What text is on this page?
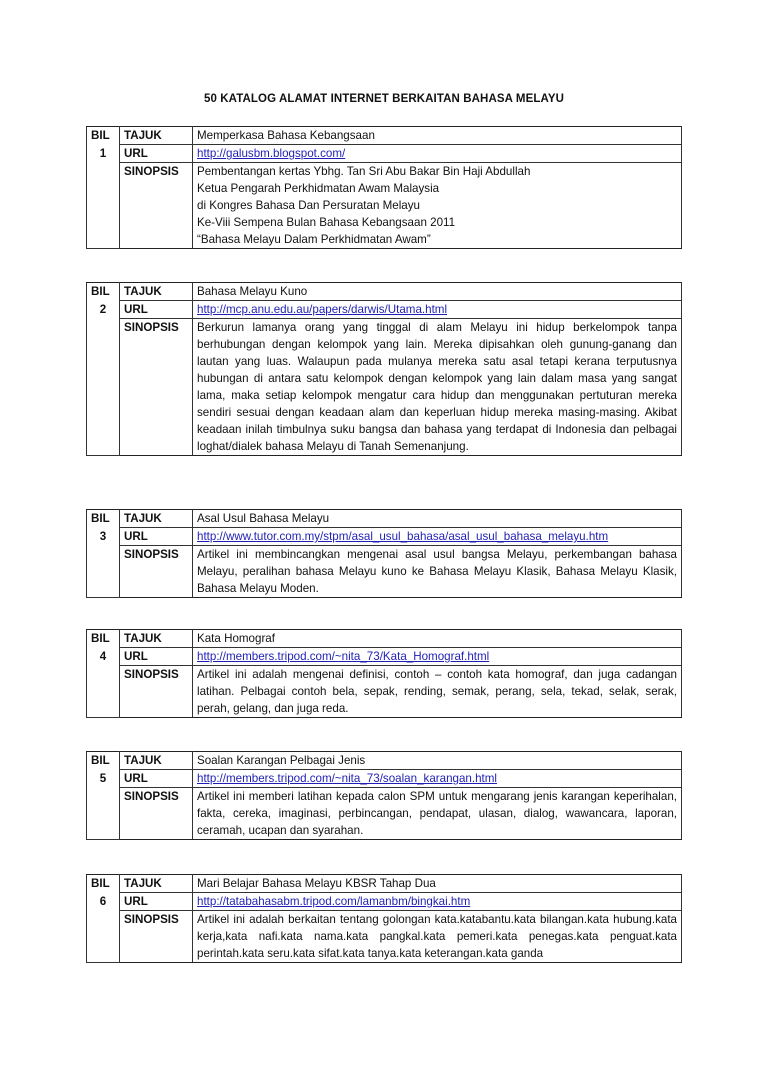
50 KATALOG ALAMAT INTERNET BERKAITAN BAHASA MELAYU
BIL	TAJUK	Memperkasa Bahasa Kebangsaan
1	URL	http://galusbm.blogspot.com/
	SINOPSIS	Pembentangan kertas Ybhg. Tan Sri Abu Bakar Bin Haji Abdullah
Ketua Pengarah Perkhidmatan Awam Malaysia
di Kongres Bahasa Dan Persuratan Melayu
Ke-Viii Sempena Bulan Bahasa Kebangsaan 2011
“Bahasa Melayu Dalam Perkhidmatan Awam”
BIL	TAJUK	Bahasa Melayu Kuno
2	URL	http://mcp.anu.edu.au/papers/darwis/Utama.html
	SINOPSIS	Berkurun lamanya orang yang tinggal di alam Melayu ini hidup berkelompok tanpa berhubungan dengan kelompok yang lain. Mereka dipisahkan oleh gunung-ganang dan lautan yang luas. Walaupun pada mulanya mereka satu asal tetapi kerana terputusnya hubungan di antara satu kelompok dengan kelompok yang lain dalam masa yang sangat lama, maka setiap kelompok mengatur cara hidup dan menggunakan pertuturan mereka sendiri sesuai dengan keadaan alam dan keperluan hidup mereka masing-masing. Akibat keadaan inilah timbulnya suku bangsa dan bahasa yang terdapat di Indonesia dan pelbagai loghat/dialek bahasa Melayu di Tanah Semenanjung.
BIL	TAJUK	Asal Usul Bahasa Melayu
3	URL	http://www.tutor.com.my/stpm/asal_usul_bahasa/asal_usul_bahasa_melayu.htm
	SINOPSIS	Artikel ini membincangkan mengenai asal usul bangsa Melayu, perkembangan bahasa Melayu, peralihan bahasa Melayu kuno ke Bahasa Melayu Klasik, Bahasa Melayu Klasik, Bahasa Melayu Moden.
BIL	TAJUK	Kata Homograf
4	URL	http://members.tripod.com/~nita_73/Kata_Homograf.html
	SINOPSIS	Artikel ini adalah mengenai definisi, contoh – contoh kata homograf, dan juga cadangan latihan. Pelbagai contoh bela, sepak, rending, semak, perang, sela, tekad, selak, serak, perah, gelang, dan juga reda.
BIL	TAJUK	Soalan Karangan Pelbagai Jenis
5	URL	http://members.tripod.com/~nita_73/soalan_karangan.html
	SINOPSIS	Artikel ini memberi latihan kepada calon SPM untuk mengarang jenis karangan keperihalan, fakta, cereka, imaginasi, perbincangan, pendapat, ulasan, dialog, wawancara, laporan, ceramah, ucapan dan syarahan.
BIL	TAJUK	Mari Belajar Bahasa Melayu KBSR Tahap Dua
6	URL	http://tatabahasabm.tripod.com/lamanbm/bingkai.htm
	SINOPSIS	Artikel ini adalah berkaitan tentang golongan kata.katabantu.kata bilangan.kata hubung.kata kerja,kata nafi.kata nama.kata pangkal.kata pemeri.kata penegas.kata penguat.kata perintah.kata seru.kata sifat.kata tanya.kata keterangan.kata ganda
